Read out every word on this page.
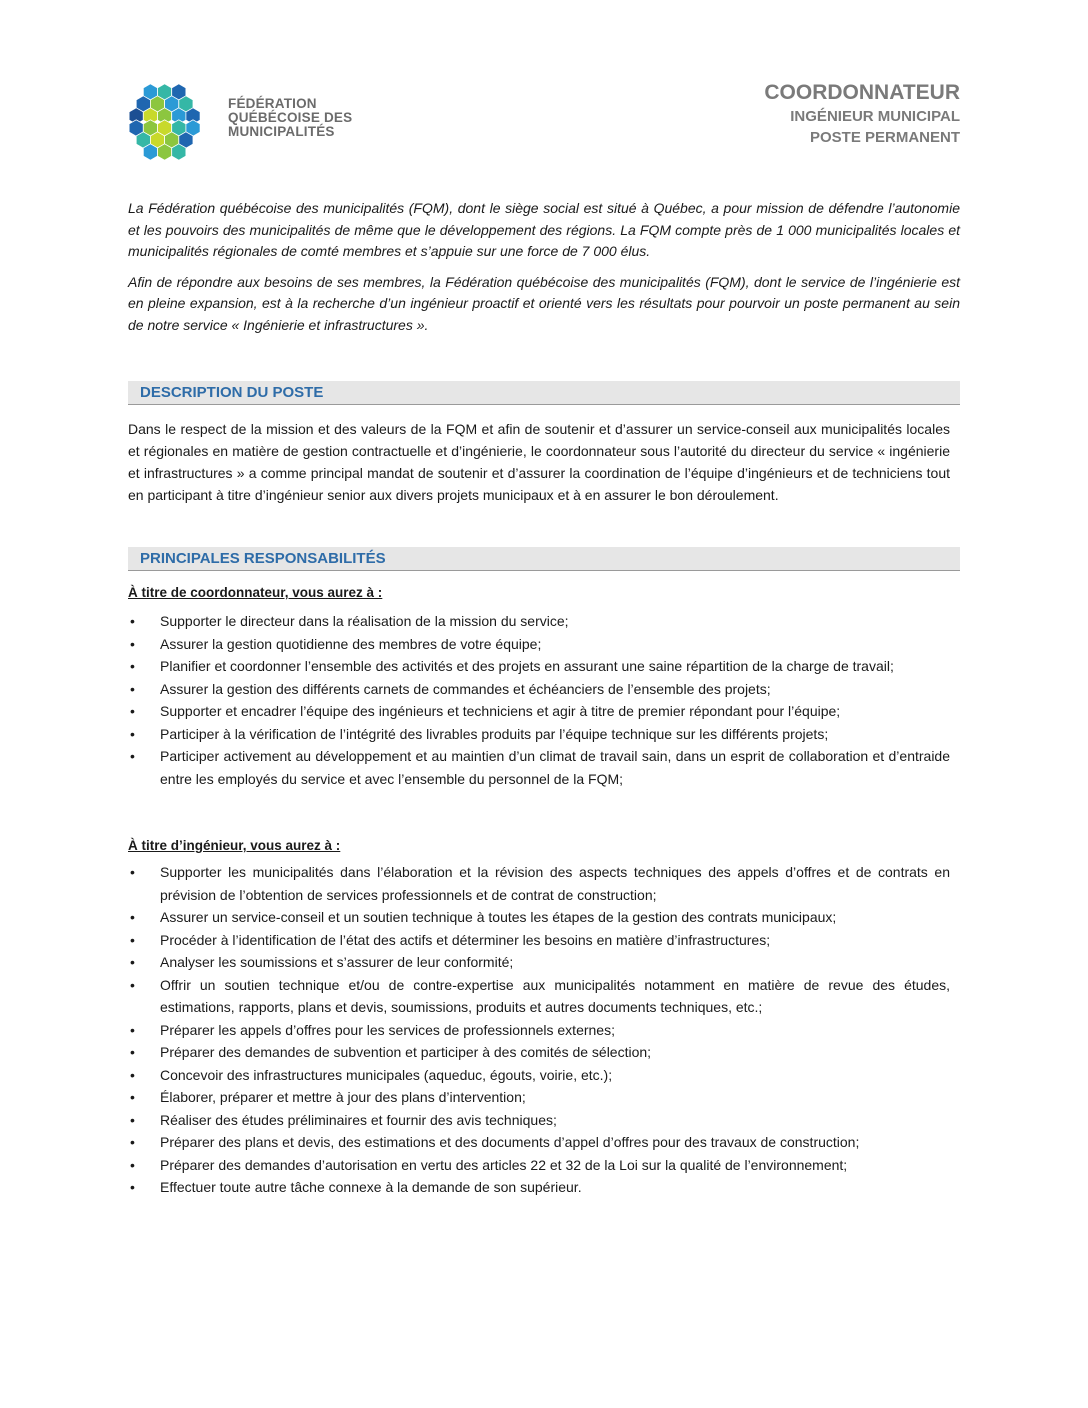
FÉDÉRATION
QUÉBÉCOISE DES
MUNICIPALITÉS
COORDONNATEUR
INGÉNIEUR MUNICIPAL
POSTE PERMANENT

La Fédération québécoise des municipalités (FQM), dont le siège social est situé à Québec, a pour mission de défendre l’autonomie et les pouvoirs des municipalités de même que le développement des régions. La FQM compte près de 1 000 municipalités locales et municipalités régionales de comté membres et s’appuie sur une force de 7 000 élus.

Afin de répondre aux besoins de ses membres, la Fédération québécoise des municipalités (FQM), dont le service de l’ingénierie est en pleine expansion, est à la recherche d’un ingénieur proactif et orienté vers les résultats pour pourvoir un poste permanent au sein de notre service « Ingénierie et infrastructures ».

DESCRIPTION DU POSTE

Dans le respect de la mission et des valeurs de la FQM et afin de soutenir et d’assurer un service-conseil aux municipalités locales et régionales en matière de gestion contractuelle et d’ingénierie, le coordonnateur sous l’autorité du directeur du service « ingénierie et infrastructures » a comme principal mandat de soutenir et d’assurer la coordination de l’équipe d’ingénieurs et de techniciens tout en participant à titre d’ingénieur senior aux divers projets municipaux et à en assurer le bon déroulement.

PRINCIPALES RESPONSABILITÉS
À titre de coordonnateur, vous aurez à :
• Supporter le directeur dans la réalisation de la mission du service;
• Assurer la gestion quotidienne des membres de votre équipe;
• Planifier et coordonner l’ensemble des activités et des projets en assurant une saine répartition de la charge de travail;
• Assurer la gestion des différents carnets de commandes et échéanciers de l’ensemble des projets;
• Supporter et encadrer l’équipe des ingénieurs et techniciens et agir à titre de premier répondant pour l’équipe;
• Participer à la vérification de l’intégrité des livrables produits par l’équipe technique sur les différents projets;
• Participer activement au développement et au maintien d’un climat de travail sain, dans un esprit de collaboration et d’entraide entre les employés du service et avec l’ensemble du personnel de la FQM;
À titre d’ingénieur, vous aurez à :
• Supporter les municipalités dans l’élaboration et la révision des aspects techniques des appels d’offres et de contrats en prévision de l’obtention de services professionnels et de contrat de construction;
• Assurer un service-conseil et un soutien technique à toutes les étapes de la gestion des contrats municipaux;
• Procéder à l’identification de l’état des actifs et déterminer les besoins en matière d’infrastructures;
• Analyser les soumissions et s’assurer de leur conformité;
• Offrir un soutien technique et/ou de contre-expertise aux municipalités notamment en matière de revue des études, estimations, rapports, plans et devis, soumissions, produits et autres documents techniques, etc.;
• Préparer les appels d’offres pour les services de professionnels externes;
• Préparer des demandes de subvention et participer à des comités de sélection;
• Concevoir des infrastructures municipales (aqueduc, égouts, voirie, etc.);
• Élaborer, préparer et mettre à jour des plans d’intervention;
• Réaliser des études préliminaires et fournir des avis techniques;
• Préparer des plans et devis, des estimations et des documents d’appel d’offres pour des travaux de construction;
• Préparer des demandes d’autorisation en vertu des articles 22 et 32 de la Loi sur la qualité de l’environnement;
• Effectuer toute autre tâche connexe à la demande de son supérieur.
